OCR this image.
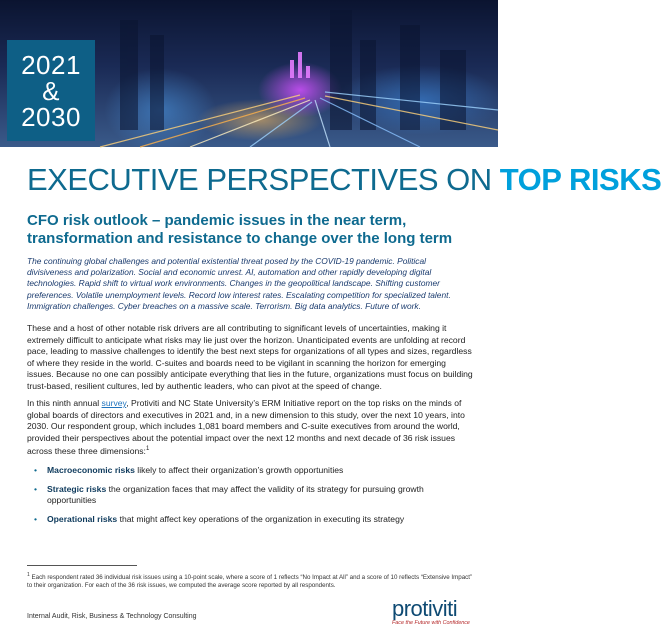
2021
&
2030
EXECUTIVE PERSPECTIVES ON TOP RISKS
CFO risk outlook – pandemic issues in the near term, transformation and resistance to change over the long term
The continuing global challenges and potential existential threat posed by the COVID-19 pandemic. Political divisiveness and polarization. Social and economic unrest. AI, automation and other rapidly developing digital technologies. Rapid shift to virtual work environments. Changes in the geopolitical landscape. Shifting customer preferences. Volatile unemployment levels. Record low interest rates. Escalating competition for specialized talent. Immigration challenges. Cyber breaches on a massive scale. Terrorism. Big data analytics. Future of work.
These and a host of other notable risk drivers are all contributing to significant levels of uncertainties, making it extremely difficult to anticipate what risks may lie just over the horizon. Unanticipated events are unfolding at record pace, leading to massive challenges to identify the best next steps for organizations of all types and sizes, regardless of where they reside in the world. C-suites and boards need to be vigilant in scanning the horizon for emerging issues. Because no one can possibly anticipate everything that lies in the future, organizations must focus on building trust-based, resilient cultures, led by authentic leaders, who can pivot at the speed of change.
In this ninth annual survey, Protiviti and NC State University’s ERM Initiative report on the top risks on the minds of global boards of directors and executives in 2021 and, in a new dimension to this study, over the next 10 years, into 2030. Our respondent group, which includes 1,081 board members and C-suite executives from around the world, provided their perspectives about the potential impact over the next 12 months and next decade of 36 risk issues across these three dimensions:$^1$
• Macroeconomic risks likely to affect their organization’s growth opportunities
• Strategic risks the organization faces that may affect the validity of its strategy for pursuing growth opportunities
• Operational risks that might affect key operations of the organization in executing its strategy
$^1$ Each respondent rated 36 individual risk issues using a 10-point scale, where a score of 1 reflects “No Impact at All” and a score of 10 reflects “Extensive Impact” to their organization. For each of the 36 risk issues, we computed the average score reported by all respondents.
Internal Audit, Risk, Business & Technology Consulting	protiviti
Face the Future with Confidence
